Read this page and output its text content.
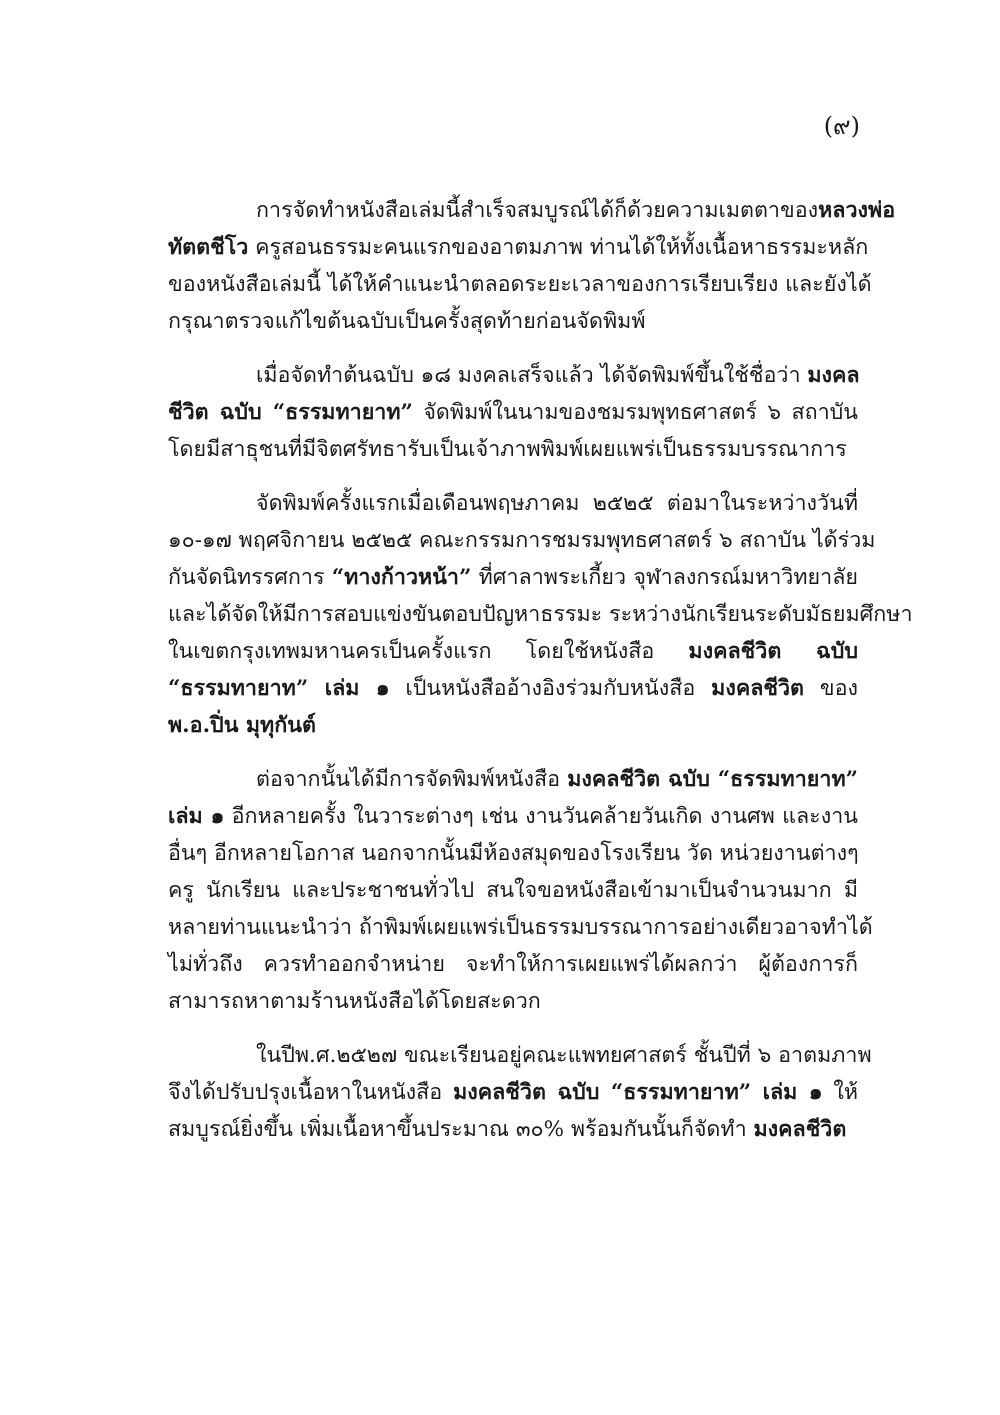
(๙)
การจัดทำหนังสือเล่มนี้สำเร็จสมบูรณ์ได้ก็ด้วยความเมตตาของหลวงพ่อ
ทัตตชีโว ครูสอนธรรมะคนแรกของอาตมภาพ ท่านได้ให้ทั้งเนื้อหาธรรมะหลัก
ของหนังสือเล่มนี้ ได้ให้คำแนะนำตลอดระยะเวลาของการเรียบเรียง และยังได้
กรุณาตรวจแก้ไขต้นฉบับเป็นครั้งสุดท้ายก่อนจัดพิมพ์
เมื่อจัดทำต้นฉบับ ๑๘ มงคลเสร็จแล้ว ได้จัดพิมพ์ขึ้นใช้ชื่อว่า มงคล
ชีวิต ฉบับ “ธรรมทายาท” จัดพิมพ์ในนามของชมรมพุทธศาสตร์ ๖ สถาบัน
โดยมีสาธุชนที่มีจิตศรัทธารับเป็นเจ้าภาพพิมพ์เผยแพร่เป็นธรรมบรรณาการ
จัดพิมพ์ครั้งแรกเมื่อเดือนพฤษภาคม ๒๕๒๕ ต่อมาในระหว่างวันที่
๑๐-๑๗ พฤศจิกายน ๒๕๒๕ คณะกรรมการชมรมพุทธศาสตร์ ๖ สถาบัน ได้ร่วม
กันจัดนิทรรศการ “ทางก้าวหน้า” ที่ศาลาพระเกี้ยว จุฬาลงกรณ์มหาวิทยาลัย
และได้จัดให้มีการสอบแข่งขันตอบปัญหาธรรมะ ระหว่างนักเรียนระดับมัธยมศึกษา
ในเขตกรุงเทพมหานครเป็นครั้งแรก โดยใช้หนังสือ มงคลชีวิต ฉบับ
“ธรรมทายาท” เล่ม ๑ เป็นหนังสืออ้างอิงร่วมกับหนังสือ มงคลชีวิต ของ
พ.อ.ปิ่น มุทุกันต์
ต่อจากนั้นได้มีการจัดพิมพ์หนังสือ มงคลชีวิต ฉบับ “ธรรมทายาท”
เล่ม ๑ อีกหลายครั้ง ในวาระต่างๆ เช่น งานวันคล้ายวันเกิด งานศพ และงาน
อื่นๆ อีกหลายโอกาส นอกจากนั้นมีห้องสมุดของโรงเรียน วัด หน่วยงานต่างๆ
ครู นักเรียน และประชาชนทั่วไป สนใจขอหนังสือเข้ามาเป็นจำนวนมาก มี
หลายท่านแนะนำว่า ถ้าพิมพ์เผยแพร่เป็นธรรมบรรณาการอย่างเดียวอาจทำได้
ไม่ทั่วถึง ควรทำออกจำหน่าย จะทำให้การเผยแพร่ได้ผลกว่า ผู้ต้องการก็
สามารถหาตามร้านหนังสือได้โดยสะดวก
ในปีพ.ศ.๒๕๒๗ ขณะเรียนอยู่คณะแพทยศาสตร์ ชั้นปีที่ ๖ อาตมภาพ
จึงได้ปรับปรุงเนื้อหาในหนังสือ มงคลชีวิต ฉบับ “ธรรมทายาท” เล่ม ๑ ให้
สมบูรณ์ยิ่งขึ้น เพิ่มเนื้อหาขึ้นประมาณ ๓๐% พร้อมกันนั้นก็จัดทำ มงคลชีวิต
